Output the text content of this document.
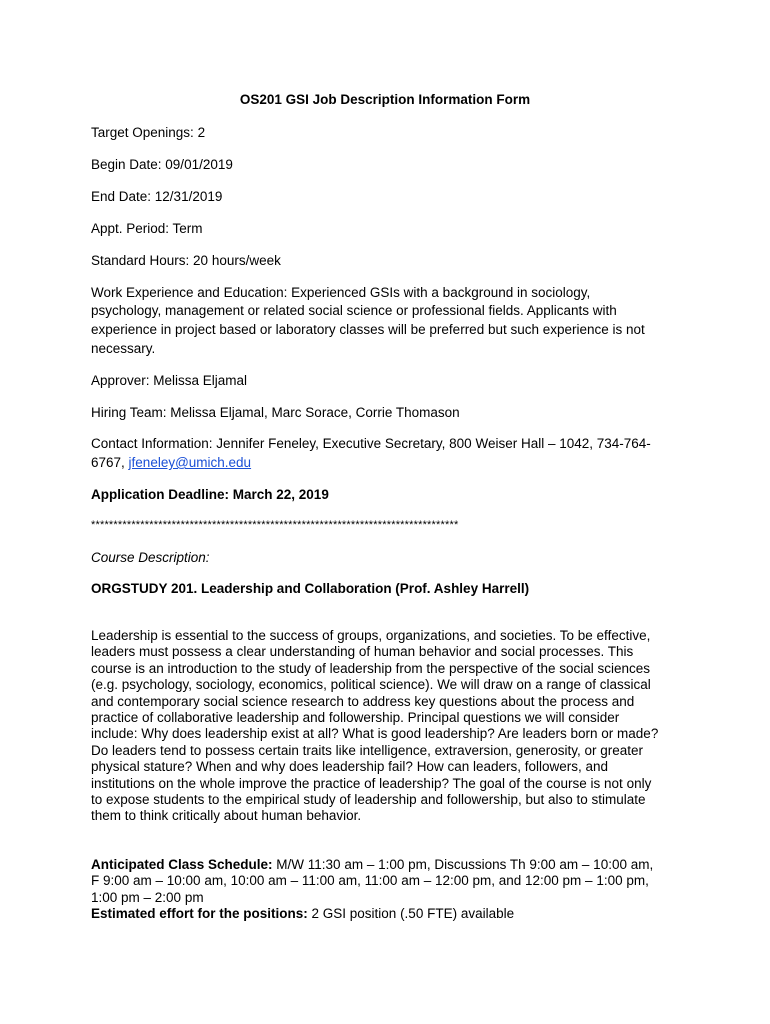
OS201 GSI Job Description Information Form
Target Openings: 2
Begin Date: 09/01/2019
End Date: 12/31/2019
Appt. Period: Term
Standard Hours: 20 hours/week
Work Experience and Education: Experienced GSIs with a background in sociology,
psychology, management or related social science or professional fields. Applicants with
experience in project based or laboratory classes will be preferred but such experience is not
necessary.
Approver: Melissa Eljamal
Hiring Team: Melissa Eljamal, Marc Sorace, Corrie Thomason
Contact Information: Jennifer Feneley, Executive Secretary, 800 Weiser Hall – 1042, 734-764-
6767, jfeneley@umich.edu
Application Deadline: March 22, 2019
**********************************************************************************
Course Description:
ORGSTUDY 201. Leadership and Collaboration (Prof. Ashley Harrell)
Leadership is essential to the success of groups, organizations, and societies. To be effective,
leaders must possess a clear understanding of human behavior and social processes. This
course is an introduction to the study of leadership from the perspective of the social sciences
(e.g. psychology, sociology, economics, political science). We will draw on a range of classical
and contemporary social science research to address key questions about the process and
practice of collaborative leadership and followership. Principal questions we will consider
include: Why does leadership exist at all? What is good leadership? Are leaders born or made?
Do leaders tend to possess certain traits like intelligence, extraversion, generosity, or greater
physical stature? When and why does leadership fail? How can leaders, followers, and
institutions on the whole improve the practice of leadership? The goal of the course is not only
to expose students to the empirical study of leadership and followership, but also to stimulate
them to think critically about human behavior.
Anticipated Class Schedule: M/W 11:30 am – 1:00 pm, Discussions Th 9:00 am – 10:00 am,
F 9:00 am – 10:00 am, 10:00 am – 11:00 am, 11:00 am – 12:00 pm, and 12:00 pm – 1:00 pm,
1:00 pm – 2:00 pm
Estimated effort for the positions: 2 GSI position (.50 FTE) available
